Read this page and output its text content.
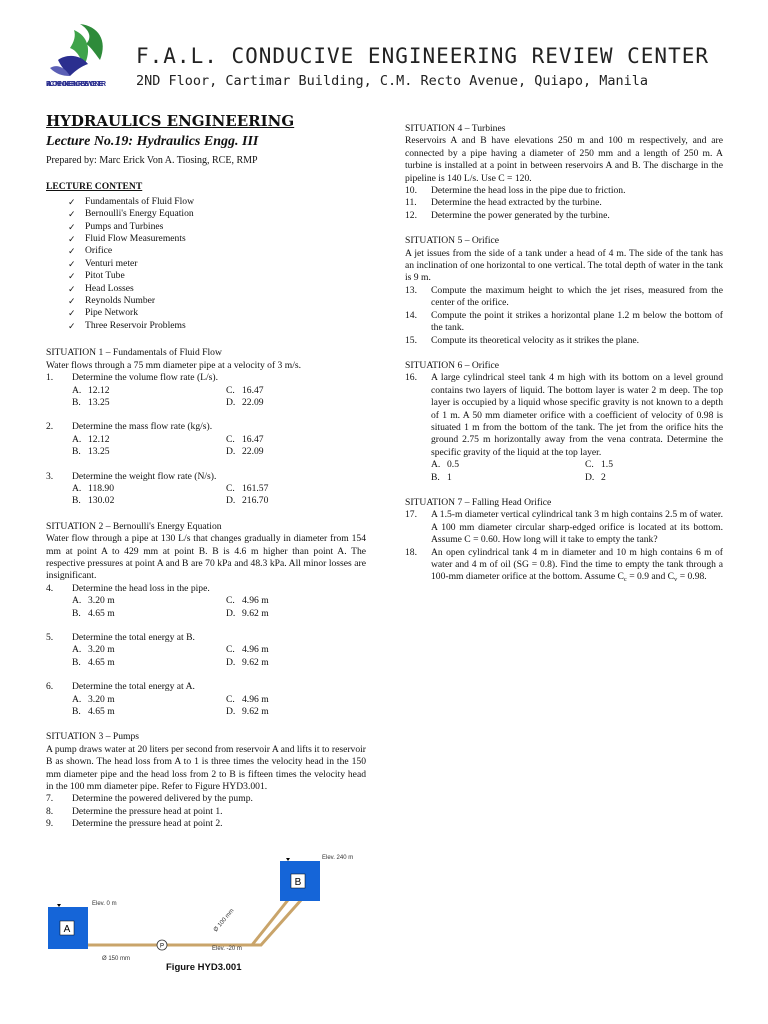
F.A.L.CON ENGINEERING REVIEW CENTER
F.A.L. CONDUCIVE ENGINEERING REVIEW CENTER
2ND Floor, Cartimar Building, C.M. Recto Avenue, Quiapo, Manila
HYDRAULICS ENGINEERING
Lecture No.19: Hydraulics Engg. III
Prepared by: Marc Erick Von A. Tiosing, RCE, RMP
LECTURE CONTENT
✓ Fundamentals of Fluid Flow
✓ Bernoulli's Energy Equation
✓ Pumps and Turbines
✓ Fluid Flow Measurements
✓ Orifice
✓ Venturi meter
✓ Pitot Tube
✓ Head Losses
✓ Reynolds Number
✓ Pipe Network
✓ Three Reservoir Problems
SITUATION 1 – Fundamentals of Fluid Flow
Water flows through a 75 mm diameter pipe at a velocity of 3 m/s.
1. Determine the volume flow rate (L/s).
A. 12.12	C. 16.47
B. 13.25	D. 22.09
2. Determine the mass flow rate (kg/s).
A. 12.12	C. 16.47
B. 13.25	D. 22.09
3. Determine the weight flow rate (N/s).
A. 118.90	C. 161.57
B. 130.02	D. 216.70
SITUATION 2 – Bernoulli's Energy Equation
Water flow through a pipe at 130 L/s that changes gradually in diameter from 154 mm at point A to 429 mm at point B. B is 4.6 m higher than point A. The respective pressures at point A and B are 70 kPa and 48.3 kPa. All minor losses are insignificant.
4. Determine the head loss in the pipe.
A. 3.20 m	C. 4.96 m
B. 4.65 m	D. 9.62 m
5. Determine the total energy at B.
A. 3.20 m	C. 4.96 m
B. 4.65 m	D. 9.62 m
6. Determine the total energy at A.
A. 3.20 m	C. 4.96 m
B. 4.65 m	D. 9.62 m
SITUATION 3 – Pumps
A pump draws water at 20 liters per second from reservoir A and lifts it to reservoir B as shown. The head loss from A to 1 is three times the velocity head in the 150 mm diameter pipe and the head loss from 2 to B is fifteen times the velocity head in the 100 mm diameter pipe. Refer to Figure HYD3.001.
7. Determine the powered delivered by the pump.
8. Determine the pressure head at point 1.
9. Determine the pressure head at point 2.
A
Elev. 0 m
B
Elev. 240 m
P
Ø 150 mm
Elev. -20 m
Ø 100 mm
Figure HYD3.001
SITUATION 4 – Turbines
Reservoirs A and B have elevations 250 m and 100 m respectively, and are connected by a pipe having a diameter of 250 mm and a length of 250 m. A turbine is installed at a point in between reservoirs A and B. The discharge in the pipeline is 140 L/s. Use C = 120.
10. Determine the head loss in the pipe due to friction.
11. Determine the head extracted by the turbine.
12. Determine the power generated by the turbine.
SITUATION 5 – Orifice
A jet issues from the side of a tank under a head of 4 m. The side of the tank has an inclination of one horizontal to one vertical. The total depth of water in the tank is 9 m.
13. Compute the maximum height to which the jet rises, measured from the center of the orifice.
14. Compute the point it strikes a horizontal plane 1.2 m below the bottom of the tank.
15. Compute its theoretical velocity as it strikes the plane.
SITUATION 6 – Orifice
16. A large cylindrical steel tank 4 m high with its bottom on a level ground contains two layers of liquid. The bottom layer is water 2 m deep. The top layer is occupied by a liquid whose specific gravity is not known to a depth of 1 m. A 50 mm diameter orifice with a coefficient of velocity of 0.98 is situated 1 m from the bottom of the tank. The jet from the orifice hits the ground 2.75 m horizontally away from the vena contrata. Determine the specific gravity of the liquid at the top layer.
A. 0.5	C. 1.5
B. 1	D. 2
SITUATION 7 – Falling Head Orifice
17. A 1.5-m diameter vertical cylindrical tank 3 m high contains 2.5 m of water. A 100 mm diameter circular sharp-edged orifice is located at its bottom. Assume C = 0.60. How long will it take to empty the tank?
18. An open cylindrical tank 4 m in diameter and 10 m high contains 6 m of water and 4 m of oil (SG = 0.8). Find the time to empty the tank through a 100-mm diameter orifice at the bottom. Assume $C_c = 0.9$ and $C_v = 0.98$.
